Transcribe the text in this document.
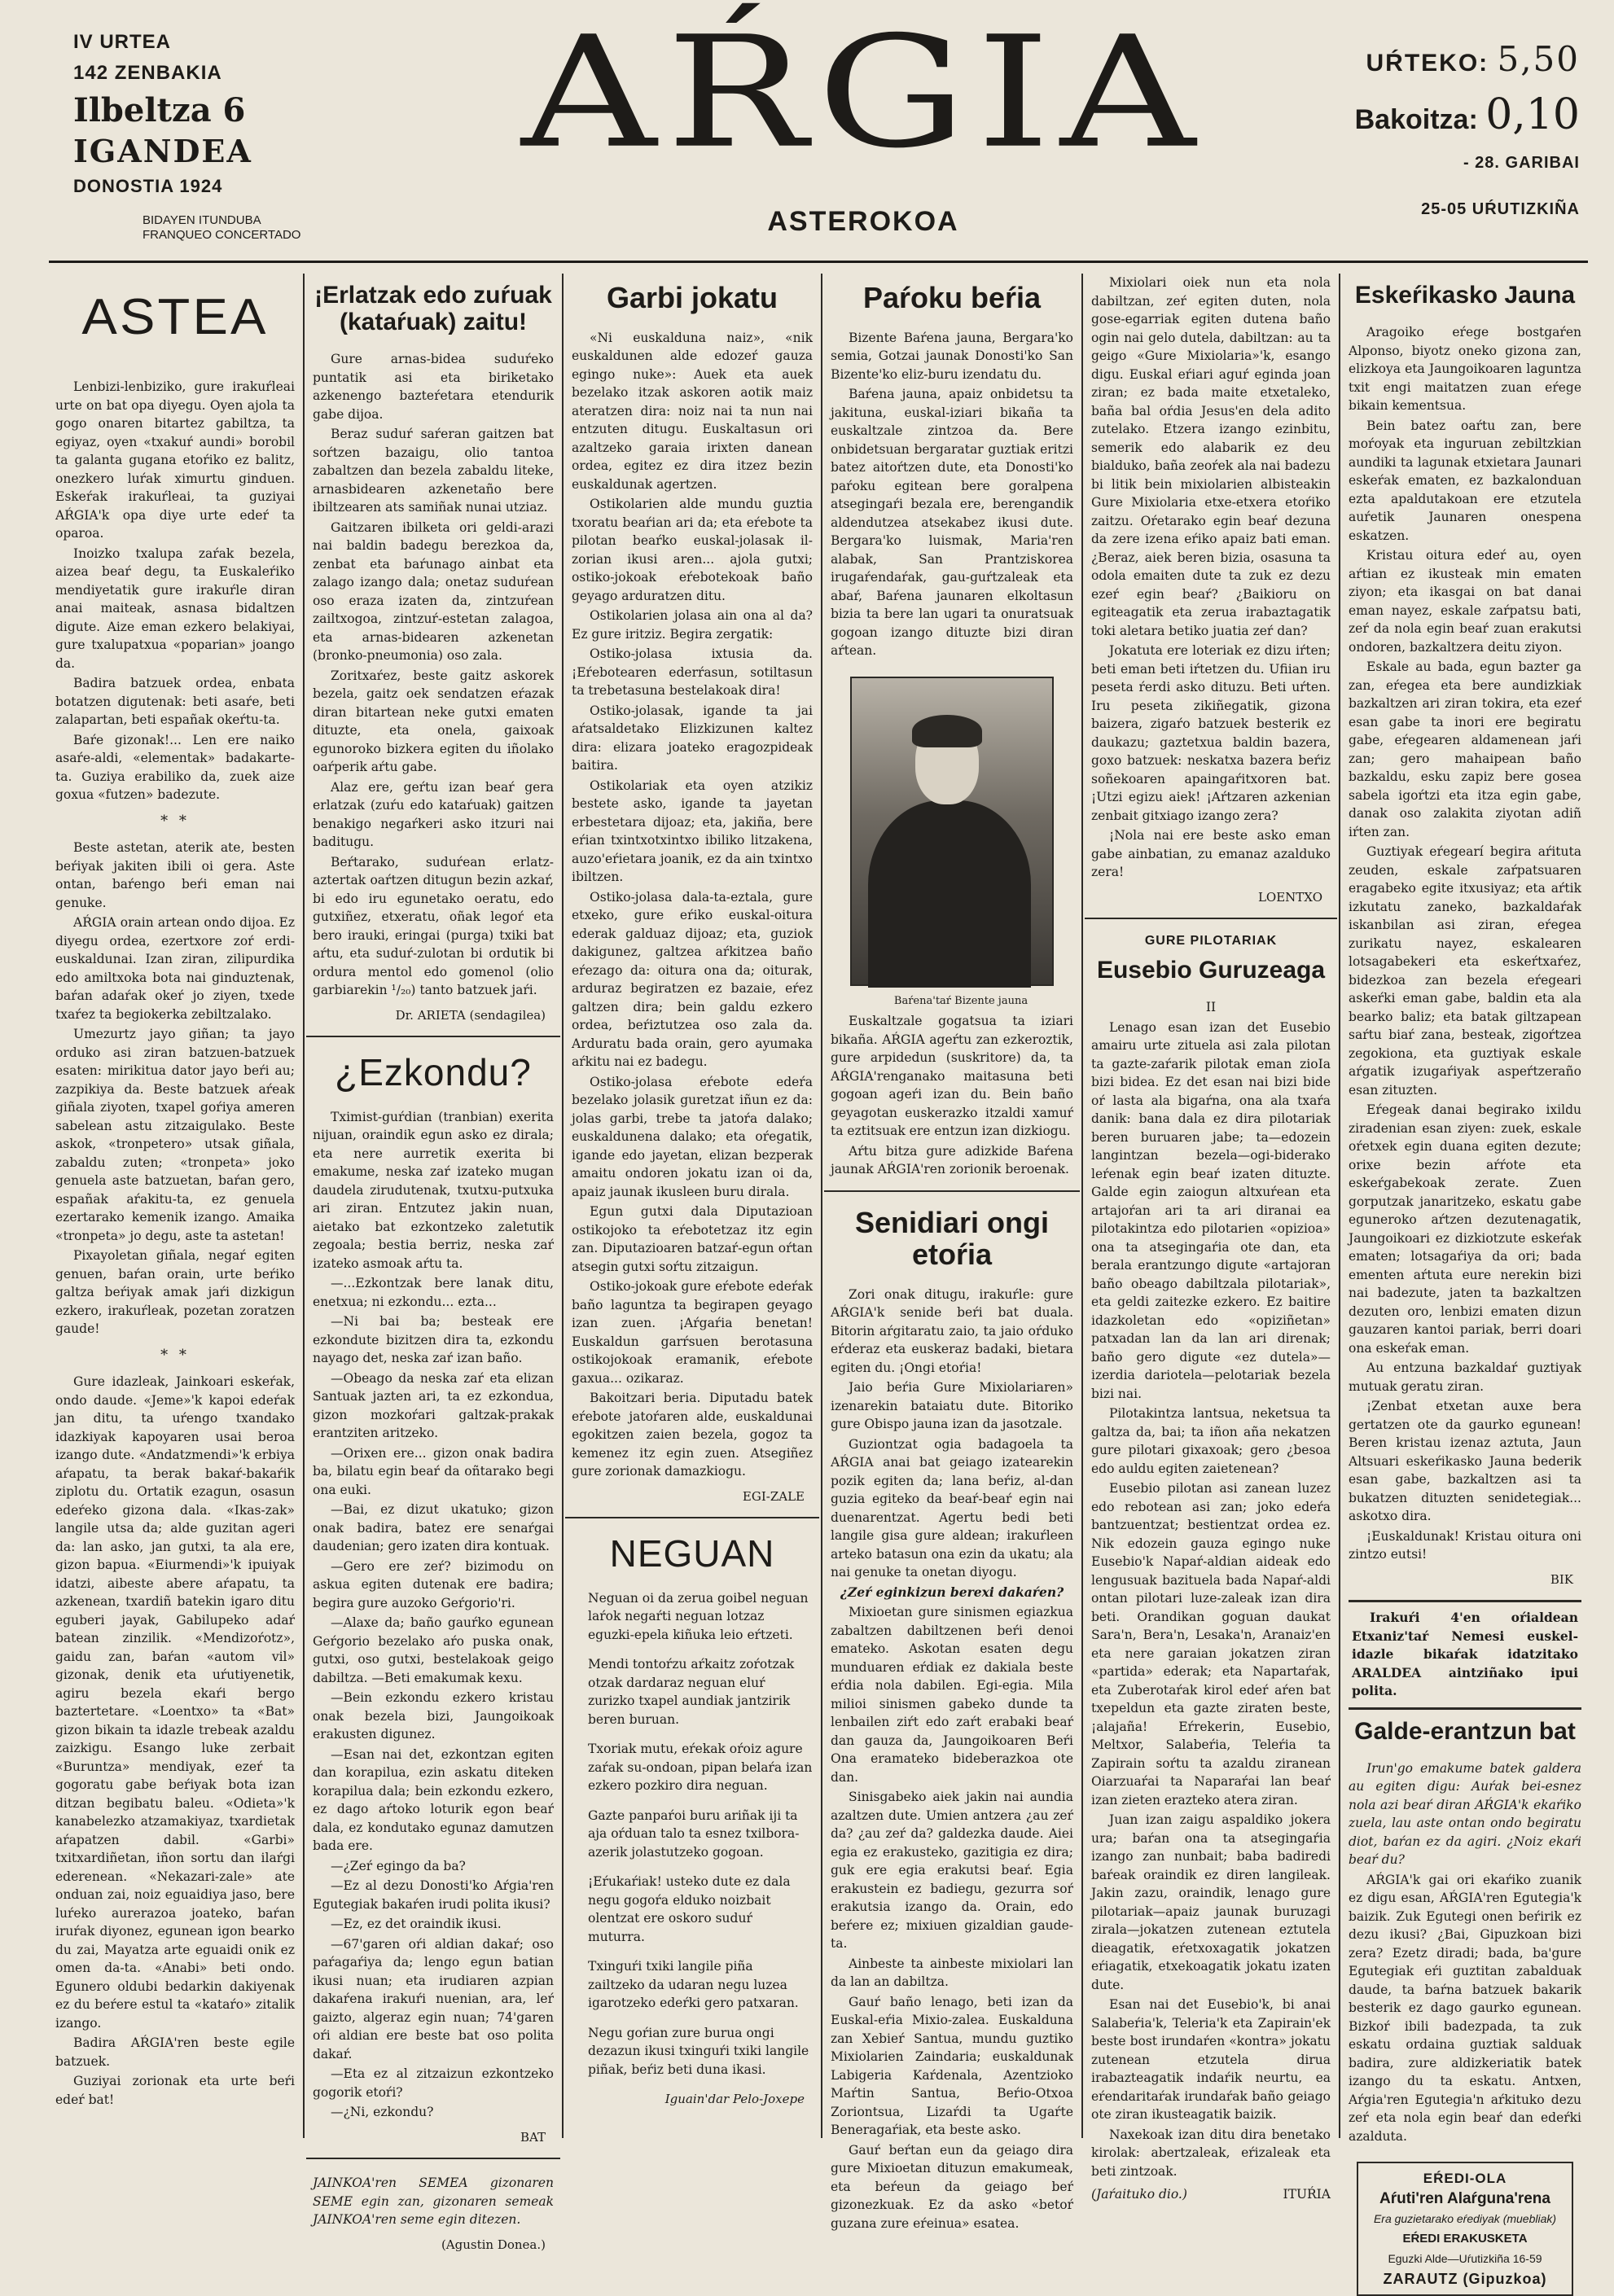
IV URTEA
142 ZENBAKIA
Ilbeltza 6
IGANDEA
DONOSTIA 1924
BIDAYEN ITUNDUBA
FRANQUEO CONCERTADO
AŔGIA
ASTEROKOA
UŔTEKO: 5,50
Bakoitza: 0,10
- 28. GARIBAI
25-05 UŔUTIZKIÑA
ASTEA

Lenbizi-lenbiziko, gure irakuŕleai urte on bat opa diyegu. Oyen ajola ta gogo onaren bitartez gabiltza, ta egiyaz, oyen «txakuŕ aundi» borobil ta galanta gugana etoŕiko ez balitz, onezkero luŕak ximurtu ginduen. Eskeŕak irakuŕleai, ta guziyai AŔGIA'k opa diye urte edeŕ ta oparoa.

Inoizko txalupa zaŕak bezela, aizea beaŕ degu, ta Euskaleŕiko mendiyetatik gure irakuŕle diran anai maiteak, asnasa bidaltzen digute. Aize eman ezkero belakiyai, gure txalupatxua «poparian» joango da.

Badira batzuek ordea, enbata botatzen digutenak: beti asaŕe, beti zalapartan, beti españak okeŕtu-ta.

Baŕe gizonak!... Len ere naiko asaŕe-aldi, «elementak» badakarte-ta. Guziya erabiliko da, zuek aize goxua «futzen» badezute.

* *

Beste astetan, aterik ate, besten beŕiyak jakiten ibili oi gera. Aste ontan, baŕengo beŕi eman nai genuke.

AŔGIA orain artean ondo dijoa. Ez diyegu ordea, ezertxore zoŕ erdi-euskaldunai. Izan ziran, zilipurdika edo amiltxoka bota nai ginduztenak, baŕan adaŕak okeŕ jo ziyen, txede txaŕez ta begiokerka zebiltzalako.

Umezurtz jayo giñan; ta jayo orduko asi ziran batzuen-batzuek esaten: mirikitua dator jayo beŕi au; zazpikiya da. Beste batzuek aŕeak giñala ziyoten, txapel goŕiya ameren sabelean astu zitzaigulako. Beste askok, «tronpetero» utsak giñala, zabaldu zuten; «tronpeta» joko genuela aste batzuetan, baŕan gero, españak aŕakitu-ta, ez genuela ezertarako kemenik izango. Amaika «tronpeta» jo degu, aste ta astetan!

Pixayoletan giñala, negaŕ egiten genuen, baŕan orain, urte beŕiko galtza beŕiyak amak jaŕi dizkigun ezkero, irakuŕleak, pozetan zoratzen gaude!

* *

Gure idazleak, Jainkoari eskeŕak, ondo daude. «Jeme»'k kapoi edeŕak jan ditu, ta uŕengo txandako idazkiyak kapoyaren usai beroa izango dute. «Andatzmendi»'k erbiya aŕapatu, ta berak bakaŕ-bakaŕik ziplotu du. Ortatik ezagun, osasun edeŕeko gizona dala. «Ikas-zak» langile utsa da; alde guzitan ageri da: lan asko, jan gutxi, ta ala ere, gizon bapua. «Eiurmendi»'k ipuiyak idatzi, aibeste abere aŕapatu, ta azkenean, txardiñ batekin igaro ditu eguberi jayak, Gabilupeko adaŕ batean zinzilik. «Mendizoŕotz», gaidu zan, baŕan «autom vil» gizonak, denik eta uŕutiyenetik, agiru bezela ekaŕi bergo baztertetare. «Loentxo» ta «Bat» gizon bikain ta idazle trebeak azaldu zaizkigu. Esango luke zerbait «Buruntza» mendiyak, ezeŕ ta gogoratu gabe beŕiyak bota izan ditzan begibatu baleu. «Odieta»'k kanabelezko atzamakiyaz, txardietak aŕapatzen dabil. «Garbi» txitxardiñetan, iñon sortu dan ilaŕgi ederenean. «Nekazari-zale» ate onduan zai, noiz eguaidiya jaso, bere luŕeko aurerazoa joateko, baŕan iruŕak diyonez, egunean igon bearko du zai, Mayatza arte eguaidi onik ez omen da-ta. «Anabi» beti ondo. Egunero oldubi bedarkin dakiyenak ez du beŕere estul ta «kataŕo» zitalik izango.

Badira AŔGIA'ren beste egile batzuek.

Guziyai zorionak eta urte beŕi edeŕ bat!

¡Erlatzak edo zuŕuak (kataŕuak) zaitu!

Gure arnas-bidea suduŕeko puntatik asi eta biriketako azkenengo bazteŕetara etendurik gabe dijoa.

Beraz suduŕ saŕeran gaitzen bat soŕtzen bazaigu, olio tantoa zabaltzen dan bezela zabaldu liteke, arnasbidearen azkenetaño bere ibiltzearen ats samiñak nunai utziaz.

Gaitzaren ibilketa ori geldi-arazi nai baldin badegu berezkoa da, zenbat eta baŕunago ainbat eta zalago izango dala; onetaz suduŕean oso eraza izaten da, zintzuŕean zailtxogoa, zintzuŕ-estetan zalagoa, eta arnas-bidearen azkenetan (bronko-pneumonia) oso zala.

Zoritxaŕez, beste gaitz askorek bezela, gaitz oek sendatzen eŕazak diran bitartean neke gutxi ematen dituzte, eta onela, gaixoak egunoroko bizkera egiten du iñolako oaŕperik aŕtu gabe.

Alaz ere, geŕtu izan beaŕ gera erlatzak (zuŕu edo kataŕuak) gaitzen benakigo negaŕkeri asko itzuri nai baditugu.

Beŕtarako, suduŕean erlatz-aztertak oaŕtzen ditugun bezin azkaŕ, bi edo iru egunetako oeratu, edo gutxiñez, etxeratu, oñak legoŕ eta bero irauki, eringai (purga) txiki bat aŕtu, eta suduŕ-zulotan bi ordutik bi ordura mentol edo gomenol (olio garbiarekin ¹/₂₀) tanto batzuek jaŕi.

Dr. ARIETA (sendagilea)

¿Ezkondu?

Tximist-guŕdian (tranbian) exerita nijuan, oraindik egun asko ez dirala; eta nere aurretik exerita bi emakume, neska zaŕ izateko mugan daudela zirudutenak, txutxu-putxuka ari ziran. Entzutez jakin nuan, aietako bat ezkontzeko zaletutik zegoala; bestia berriz, neska zaŕ izateko asmoak aŕtu ta.

—...Ezkontzak bere lanak ditu, enetxua; ni ezkondu... ezta...

—Ni bai ba; besteak ere ezkondute bizitzen dira ta, ezkondu nayago det, neska zaŕ izan baño.

—Obeago da neska zaŕ eta elizan Santuak jazten ari, ta ez ezkondua, gizon mozkoŕari galtzak-prakak erantziten aritzeko.

—Orixen ere... gizon onak badira ba, bilatu egin beaŕ da oñtarako begi ona euki.

—Bai, ez dizut ukatuko; gizon onak badira, batez ere senaŕgai daudenian; gero izaten dira kontuak.

—Gero ere zeŕ? bizimodu on askua egiten dutenak ere badira; begira gure auzoko Geŕgorio'ri.

—Alaxe da; baño gauŕko egunean Geŕgorio bezelako aŕo puska onak, gutxi, oso gutxi, bestelakoak geigo dabiltza. —Beti emakumak kexu.

—Bein ezkondu ezkero kristau onak bezela bizi, Jaungoikoak erakusten digunez.

—Esan nai det, ezkontzan egiten dan korapilua, ezin askatu diteken korapilua dala; bein ezkondu ezkero, ez dago aŕtoko loturik egon beaŕ dala, ez kondutako egunaz damutzen bada ere.

—¿Zeŕ egingo da ba?

—Ez al dezu Donosti'ko Aŕgia'ren Egutegiak bakaŕen irudi polita ikusi?

—Ez, ez det oraindik ikusi.

—67'garen oŕi aldian dakaŕ; oso paŕagaŕiya da; lengo egun batian ikusi nuan; eta irudiaren azpian dakaŕena irakuŕi nuenian, ara, leŕ gaizto, algeraz egin nuan; 74'garen oŕi aldian ere beste bat oso polita dakaŕ.

—Eta ez al zitzaizun ezkontzeko gogorik etoŕi?

—¿Ni, ezkondu?

BAT

JAINKOA'ren SEMEA gizonaren SEME egin zan, gizonaren semeak JAINKOA'ren seme egin ditezen.

(Agustin Donea.)

Garbi jokatu

«Ni euskalduna naiz», «nik euskaldunen alde edozeŕ gauza egingo nuke»: Auek eta auek bezelako itzak askoren aotik maiz ateratzen dira: noiz nai ta nun nai entzuten ditugu. Euskaltasun ori azaltzeko garaia irixten danean ordea, egitez ez dira itzez bezin euskaldunak agertzen.

Ostikolarien alde mundu guztia txoratu beaŕian ari da; eta eŕebote ta pilotan beaŕko euskal-jolasak il-zorian ikusi aren... ajola gutxi; ostiko-jokoak eŕebotekoak baño geyago arduratzen ditu.

Ostikolarien jolasa ain ona al da? Ez gure iritziz. Begira zergatik:

Ostiko-jolasa ixtusia da. ¡Eŕebotearen ederŕasun, sotiltasun ta trebetasuna bestelakoak dira!

Ostiko-jolasak, igande ta jai aŕatsaldetako Elizkizunen kaltez dira: elizara joateko eragozpideak baitira.

Ostikolariak eta oyen atzikiz bestete asko, igande ta jayetan erbestetara dijoaz; eta, jakiña, bere eŕian txintxotxintxo ibiliko litzakena, auzo'eŕietara joanik, ez da ain txintxo ibiltzen.

Ostiko-jolasa dala-ta-eztala, gure etxeko, gure eŕiko euskal-oitura ederak galduaz dijoaz; eta, guziok dakigunez, galtzea aŕkitzea baño eŕezago da: oitura ona da; oiturak, arduraz begiratzen ez bazaie, eŕez galtzen dira; bein galdu ezkero ordea, beŕiztutzea oso zala da. Arduratu bada orain, gero ayumaka aŕkitu nai ez badegu.

Ostiko-jolasa eŕebote edeŕa bezelako jolasik guretzat iñun ez da: jolas garbi, trebe ta jatoŕa dalako; euskaldunena dalako; eta oŕegatik, igande edo jayetan, elizan bezperak amaitu ondoren jokatu izan oi da, apaiz jaunak ikusleen buru dirala.

Egun gutxi dala Diputazioan ostikojoko ta eŕebotetzaz itz egin zan. Diputazioaren batzaŕ-egun oŕtan atsegin gutxi soŕtu zitzaigun.

Ostiko-jokoak gure eŕebote edeŕak baño laguntza ta begirapen geyago izan zuen. ¡Aŕgaŕia benetan! Euskaldun garŕsuen berotasuna ostikojokoak eramanik, eŕebote gaxua... ozikaraz.

Bakoitzari beria. Diputadu batek eŕebote jatoŕaren alde, euskaldunai egokitzen zaien bezela, gogoz ta kemenez itz egin zuen. Atsegiñez gure zorionak damazkiogu.

EGI-ZALE

NEGUAN

Neguan oi da zerua goibel neguan laŕok negaŕti neguan lotzaz eguzki-epela kiñuka leio eŕtzeti.

Mendi tontoŕzu aŕkaitz zoŕotzak otzak dardaraz neguan eluŕ zurizko txapel aundiak jantzirik beren buruan.

Txoriak mutu, eŕekak oŕoiz agure zaŕak su-ondoan, pipan belaŕa izan ezkero pozkiro dira neguan.

Gazte panpaŕoi buru ariñak iji ta aja oŕduan talo ta esnez txilbora-azerik jolastutzeko gogoan.

¡Eŕukaŕiak! usteko dute ez dala negu gogoŕa elduko noizbait olentzat ere oskoro suduŕ muturra.

Txinguŕi txiki langile piña zailtzeko da udaran negu luzea igarotzeko edeŕki gero patxaran.

Negu goŕian zure burua ongi dezazun ikusi txinguŕi txiki langile piñak, beŕiz beti duna ikasi.

Iguain'dar Pelo-Joxepe

Paŕoku beŕia

Bizente Baŕena jauna, Bergara'ko semia, Gotzai jaunak Donosti'ko San Bizente'ko eliz-buru izendatu du.

Baŕena jauna, apaiz onbidetsu ta jakituna, euskal-iziari bikaña ta euskaltzale zintzoa da. Bere onbidetsuan bergaratar guztiak eritzi batez aitoŕtzen dute, eta Donosti'ko paŕoku egitean bere goralpena atsegingaŕi bezala ere, berengandik aldendutzea atsekabez ikusi dute. Bergara'ko luismak, Maria'ren alabak, San Prantziskorea irugaŕendaŕak, gau-guŕtzaleak eta abaŕ, Baŕena jaunaren elkoltasun bizia ta bere lan ugari ta onuratsuak gogoan izango dituzte bizi diran aŕtean.

Baŕena'taŕ Bizente jauna

Euskaltzale gogatsua ta iziari bikaña. AŔGIA ageŕtu zan ezkeroztik, gure arpidedun (suskritore) da, ta AŔGIA'renganako maitasuna beti gogoan ageŕi izan du. Bein baño geyagotan euskerazko itzaldi xamuŕ ta eztitsuak ere entzun izan dizkiogu.

Aŕtu bitza gure adizkide Baŕena jaunak AŔGIA'ren zorionik beroenak.

Senidiari ongi etoŕia

Zori onak ditugu, irakuŕle: gure AŔGIA'k senide beŕi bat duala. Bitorin aŕgitaratu zaio, ta jaio oŕduko eŕderaz eta euskeraz badaki, bietara egiten du. ¡Ongi etoŕia!

Jaio beŕia Gure Mixiolariaren» izenarekin bataiatu dute. Bitoriko gure Obispo jauna izan da jasotzale.

Guziontzat ogia badagoela ta AŔGIA anai bat geiago izatearekin pozik egiten da; lana beŕiz, al-dan guzia egiteko da beaŕ-beaŕ egin nai duenarentzat. Agertu bedi beti langile gisa gure aldean; irakuŕleen arteko batasun ona ezin da ukatu; ala nai genuke ta onetan diyogu.

¿Zeŕ eginkizun berexi dakaŕen?

Mixioetan gure sinismen egiazkua zabaltzen dabiltzenen beŕi denoi emateko. Askotan esaten degu munduaren eŕdiak ez dakiala beste eŕdia nola dabilen. Egi-egia. Mila milioi sinismen gabeko dunde ta lenbailen ziŕt edo zaŕt erabaki beaŕ dan gauza da, Jaungoikoaren Beŕi Ona eramateko bideberazkoa ote dan.

Sinisgabeko aiek jakin nai aundia azaltzen dute. Umien antzera ¿au zeŕ da? ¿au zeŕ da? galdezka daude. Aiei egia ez erakusteko, gazitigia ez dira; guk ere egia erakutsi beaŕ. Egia erakustein ez badiegu, gezurra soŕ erakutsia izango da. Orain, edo beŕere ez; mixiuen gizaldian gaude-ta.

Ainbeste ta ainbeste mixiolari lan da lan an dabiltza.

Gauŕ baño lenago, beti izan da Euskal-eŕia Mixio-zalea. Euskalduna zan Xebieŕ Santua, mundu guztiko Mixiolarien Zaindaria; euskaldunak Labigeria Kaŕdenala, Azentzioko Maŕtin Santua, Beŕio-Otxoa Zoriontsua, Lizaŕdi ta Ugaŕte Beneragaŕiak, eta beste asko.

Gauŕ beŕtan eun da geiago dira gure Mixioetan dituzun emakumeak, eta beŕeun da geiago beŕ gizonezkuak. Ez da asko «betoŕ guzana zure eŕeinua» esatea.

Mixiolari oiek nun eta nola dabiltzan, zeŕ egiten duten, nola gose-egarriak egiten dutena baño ogin nai gelo dutela, dabiltzan: au ta geigo «Gure Mixiolaria»'k, esango digu. Euskal eŕiari aguŕ eginda joan ziran; ez bada maite etxetaleko, baña bal oŕdia Jesus'en dela adito zutelako. Etzera izango ezinbitu, semerik edo alabarik ez deu bialduko, baña zeoŕek ala nai badezu bi litik bein mixiolarien albisteakin Gure Mixiolaria etxe-etxera etoŕiko zaitzu. Oŕetarako egin beaŕ dezuna da zere izena eŕiko apaiz bati eman. ¿Beraz, aiek beren bizia, osasuna ta odola emaiten dute ta zuk ez dezu ezeŕ egin beaŕ? ¿Baikioru on egiteagatik eta zerua irabaztagatik toki aletara betiko juatia zeŕ dan?

Jokatuta ere loteriak ez dizu iŕten; beti eman beti iŕtetzen du. Ufiian iru peseta ŕerdi asko dituzu. Beti uŕten. Iru peseta zikiñegatik, gizona baizera, zigaŕo batzuek besterik ez daukazu; gaztetxua baldin bazera, goxo batzuek: neskatxa bazera beŕiz soñekoaren apaingaŕitxoren bat. ¡Utzi egizu aiek! ¡Aŕtzaren azkenian zenbait gitxiago izango zera?

¡Nola nai ere beste asko eman gabe ainbatian, zu emanaz azalduko zera!

LOENTXO

GURE PILOTARIAK
Eusebio Guruzeaga

II

Lenago esan izan det Eusebio amairu urte zituela asi zala pilotan ta gazte-zaŕarik pilotak eman zioIa bizi bidea. Ez det esan nai bizi bide oŕ lasta ala bigaŕna, ona ala txaŕa danik: bana dala ez dira pilotariak beren buruaren jabe; ta—edozein langintzan bezela—ogi-biderako leŕenak egin beaŕ izaten dituzte. Galde egin zaiogun altxuŕean eta artajoŕan ari ta ari diranai ea pilotakintza edo pilotarien «opizioa» ona ta atsegingaŕia ote dan, eta berala erantzungo digute «artajoran baño obeago dabiltzala pilotariak», eta geldi zaitezke ezkero. Ez baitire idazkoletan edo «opiziñetan» patxadan lan da lan ari direnak; baño gero digute «ez dutela»—izerdia dariotela—pelotariak bezela bizi nai.

Pilotakintza lantsua, neketsua ta galtza da, bai; ta iñon aña nekatzen gure pilotari gixaxoak; gero ¿besoa edo auldu egiten zaietenean?

Eusebio pilotan asi zanean luzez edo rebotean asi zan; joko edeŕa bantzuentzat; bestientzat ordea ez. Nik edozein gauza egingo nuke Eusebio'k Napaŕ-aldian aideak edo lengusuak bazituela bada Napaŕ-aldi ontan pilotari luze-zaleak izan dira beti. Orandikan goguan daukat Sara'n, Bera'n, Lesaka'n, Aranaiz'en eta nere garaian jokatzen ziran «partida» ederak; eta Napartaŕak, eta Zuberotaŕak kirol edeŕ aŕen bat txepeldun eta gazte ziraten beste, ¡alajaña! Eŕrekerin, Eusebio, Meltxor, Salabeŕia, Teleŕia ta Zapirain soŕtu ta azaldu ziranean Oiarzuaŕai ta Naparaŕai lan beaŕ izan zieten erazteko atera ziran.

Juan izan zaigu aspaldiko jokera ura; baŕan ona ta atsegingaŕia izango zan nunbait; baba badiredi baŕeak oraindik ez diren langileak. Jakin zazu, oraindik, lenago gure pilotariak—apaiz jaunak buruzagi zirala—jokatzen zutenean eztutela dieagatik, eŕetxoxagatik jokatzen eŕiagatik, etxekoagatik jokatu izaten dute.

Esan nai det Eusebio'k, bi anai Salabeŕia'k, Teleria'k eta Zapirain'ek beste bost irundaŕen «kontra» jokatu zutenean etzutela dirua irabazteagatik indaŕik neurtu, ea eŕendaritaŕak irundaŕak baño geiago ote ziran ikusteagatik baizik.

Naxekoak izan ditu dira benetako kirolak: abertzaleak, eŕizaleak eta beti zintzoak.

(Jaŕaituko dio.)	ITUŔIA

Eskeŕikasko Jauna

Aragoiko eŕege bostgaŕen Alponso, biyotz oneko gizona zan, elizkoya eta Jaungoikoaren laguntza txit engi maitatzen zuan eŕege bikain kementsua.

Bein batez oaŕtu zan, bere moŕoyak eta inguruan zebiltzkian aundiki ta lagunak etxietara Jaunari eskeŕak ematen, ez bazkalonduan ezta apaldutakoan ere etzutela auŕetik Jaunaren onespena eskatzen.

Kristau oitura edeŕ au, oyen aŕtian ez ikusteak min ematen ziyon; eta ikasgai on bat danai eman nayez, eskale zaŕpatsu bati, zeŕ da nola egin beaŕ zuan erakutsi ondoren, bazkaltzera deitu ziyon.

Eskale au bada, egun bazter ga zan, eŕegea eta bere aundizkiak bazkaltzen ari ziran tokira, eta ezeŕ esan gabe ta inori ere begiratu gabe, eŕegearen aldamenean jaŕi zan; gero mahaipean baño bazkaldu, esku zapiz bere gosea sabela igoŕtzi eta itza egin gabe, danak oso zalakita ziyotan adiñ iŕten zan.

Guztiyak eŕegearí begira aŕituta zeuden, eskale zaŕpatsuaren eragabeko egite itxusiyaz; eta aŕtik izkutatu zaneko, bazkaldaŕak iskanbilan asi ziran, eŕegea zurikatu nayez, eskalearen lotsagabekeri eta eskeŕtxaŕez, bidezkoa zan bezela eŕegeari askeŕki eman gabe, baldin eta ala bearko baliz; eta batak giltzapean saŕtu biaŕ zana, besteak, zigoŕtzea zegokiona, eta guztiyak eskale aŕgatik izugaŕiyak aspeŕtzeraño esan zituzten.

Eŕegeak danai begirako ixildu ziradenian esan ziyen: zuek, eskale oŕetxek egin duana egiten dezute; orixe bezin aŕŕote eta eskeŕgabekoak zerate. Zuen gorputzak janaritzeko, eskatu gabe eguneroko aŕtzen dezutenagatik, Jaungoikoari ez dizkiotzute eskeŕak ematen; lotsagaŕiya da ori; bada ementen aŕtuta eure nerekin bizi nai badezute, jaten ta bazkaltzen dezuten oro, lenbizi ematen dizun gauzaren kantoi pariak, berri doari ona eskeŕak eman.

Au entzuna bazkaldaŕ guztiyak mutuak geratu ziran.

¡Zenbat etxetan auxe bera gertatzen ote da gaurko egunean! Beren kristau izenaz aztuta, Jaun Altsuari eskeŕikasko Jauna bederik esan gabe, bazkaltzen asi ta bukatzen dituzten senidetegiak... askotxo dira.

¡Euskaldunak! Kristau oitura oni zintzo eutsi!

BIK

Irakuŕi 4'en oŕialdean Etxaniz'taŕ Nemesi euskel-idazle bikaŕak idatzitako ARALDEA aintziñako ipui polita.

Galde-erantzun bat

Irun'go emakume batek galdera au egiten digu: Auŕak bei-esnez nola azi beaŕ diran AŔGIA'k ekaŕiko zuela, lau aste ontan ondo begiratu diot, baŕan ez da agiri. ¿Noiz ekaŕi beaŕ du?

AŔGIA'k gai ori ekaŕiko zuanik ez digu esan, AŔGIA'ren Egutegia'k baizik. Zuk Egutegi onen beŕirik ez dezu ikusi? ¿Bai, Gipuzkoan bizi zera? Ezetz diradi; bada, ba'gure Egutegiak eŕi guztitan zabalduak daude, ta baŕna batzuek bakarik besterik ez dago gaurko egunean. Bizkoŕ ibili badezpada, ta zuk eskatu ordaina guztiak salduak badira, zure aldizkeriatik batek izango du ta eskatu. Antxen, Aŕgia'ren Egutegia'n aŕkituko dezu zeŕ eta nola egin beaŕ dan edeŕki azalduta.

EŔEDI-OLA
Aŕuti'ren Alaŕguna'rena
Era guzietarako eŕediyak (muebliak)
EŔEDI ERAKUSKETA
Eguzki Alde—Uŕutizkiña 16-59
ZARAUTZ (Gipuzkoa)
